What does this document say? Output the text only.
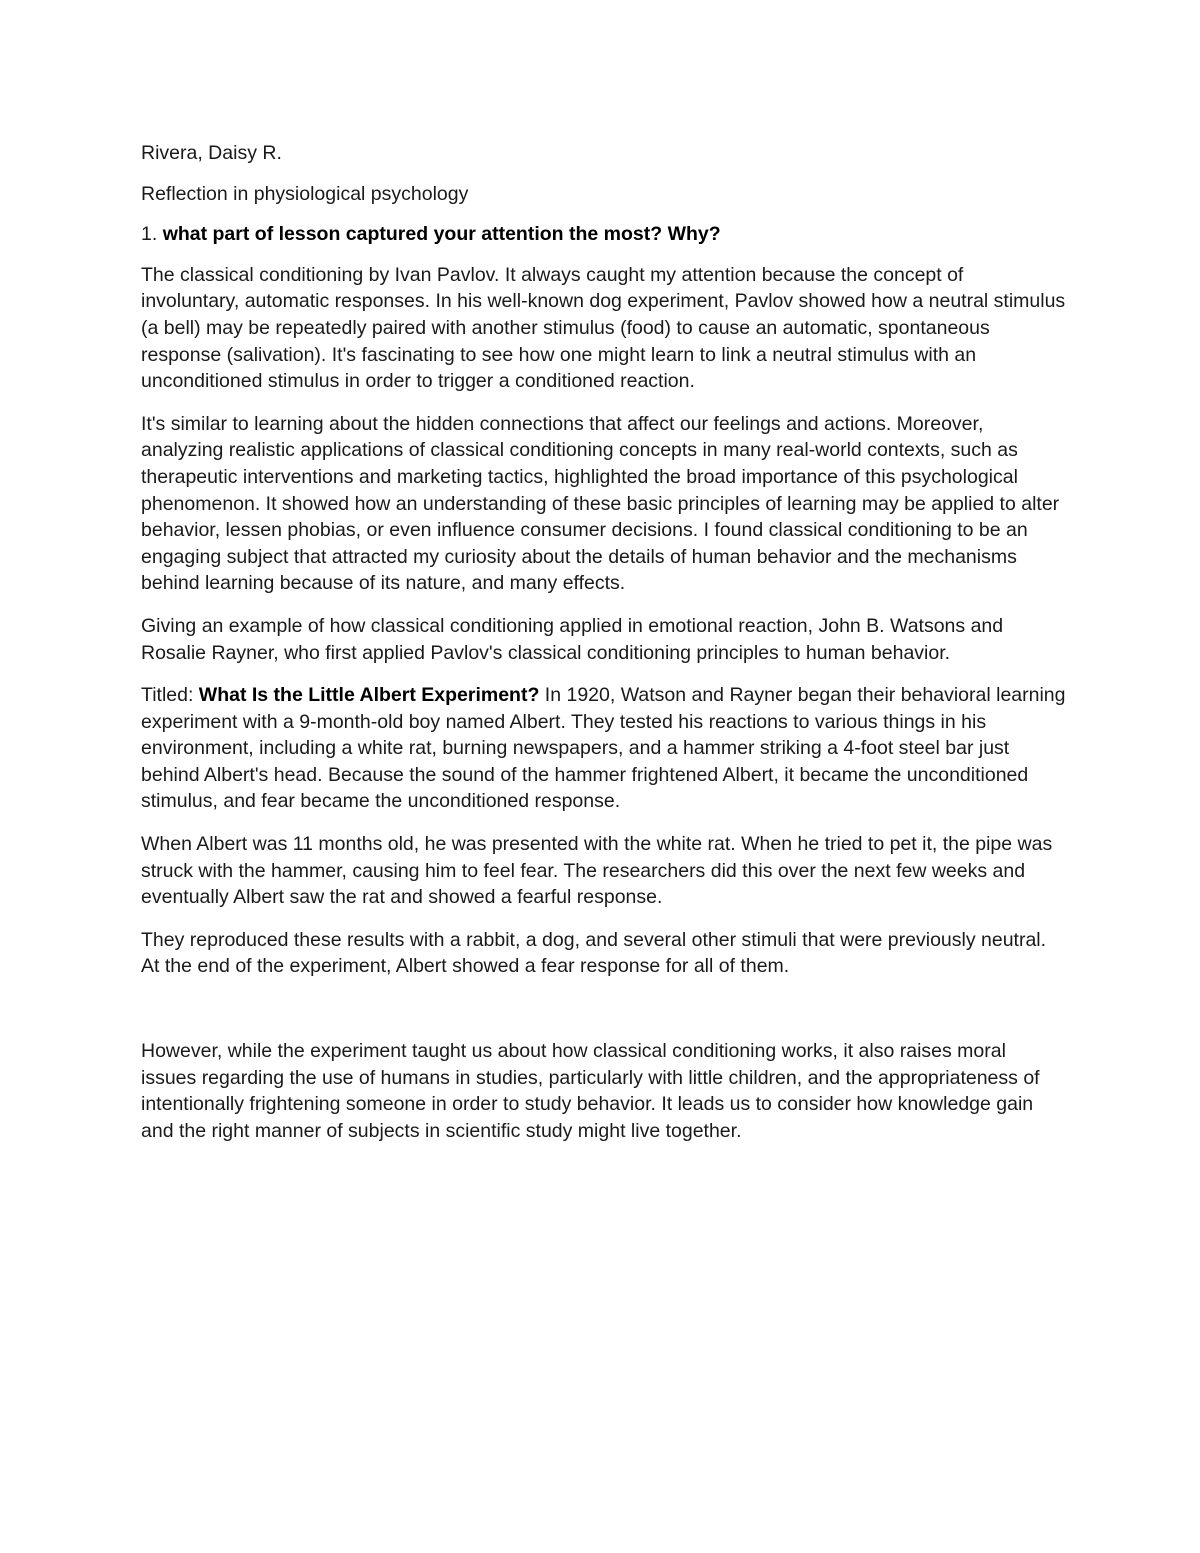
Rivera, Daisy R.

Reflection in physiological psychology

1. what part of lesson captured your attention the most? Why?

The classical conditioning by Ivan Pavlov. It always caught my attention because the concept of involuntary, automatic responses. In his well-known dog experiment, Pavlov showed how a neutral stimulus (a bell) may be repeatedly paired with another stimulus (food) to cause an automatic, spontaneous response (salivation). It's fascinating to see how one might learn to link a neutral stimulus with an unconditioned stimulus in order to trigger a conditioned reaction.

It's similar to learning about the hidden connections that affect our feelings and actions. Moreover, analyzing realistic applications of classical conditioning concepts in many real-world contexts, such as therapeutic interventions and marketing tactics, highlighted the broad importance of this psychological phenomenon. It showed how an understanding of these basic principles of learning may be applied to alter behavior, lessen phobias, or even influence consumer decisions. I found classical conditioning to be an engaging subject that attracted my curiosity about the details of human behavior and the mechanisms behind learning because of its nature, and many effects.

Giving an example of how classical conditioning applied in emotional reaction, John B. Watsons and Rosalie Rayner, who first applied Pavlov's classical conditioning principles to human behavior.

Titled: What Is the Little Albert Experiment? In 1920, Watson and Rayner began their behavioral learning experiment with a 9-month-old boy named Albert. They tested his reactions to various things in his environment, including a white rat, burning newspapers, and a hammer striking a 4-foot steel bar just behind Albert's head. Because the sound of the hammer frightened Albert, it became the unconditioned stimulus, and fear became the unconditioned response.

When Albert was 11 months old, he was presented with the white rat. When he tried to pet it, the pipe was struck with the hammer, causing him to feel fear. The researchers did this over the next few weeks and eventually Albert saw the rat and showed a fearful response.

They reproduced these results with a rabbit, a dog, and several other stimuli that were previously neutral. At the end of the experiment, Albert showed a fear response for all of them.

However, while the experiment taught us about how classical conditioning works, it also raises moral issues regarding the use of humans in studies, particularly with little children, and the appropriateness of intentionally frightening someone in order to study behavior. It leads us to consider how knowledge gain and the right manner of subjects in scientific study might live together.
